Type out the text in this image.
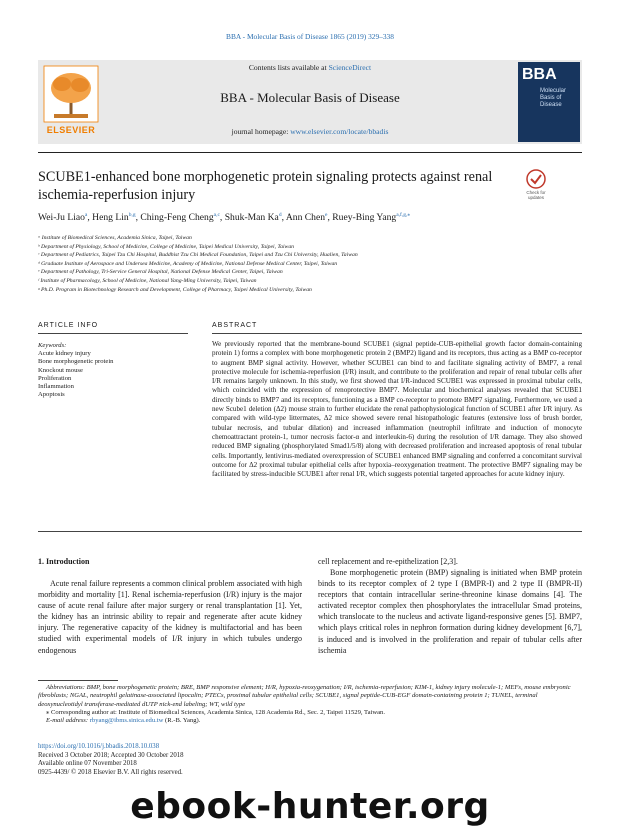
BBA - Molecular Basis of Disease 1865 (2019) 329–338
ELSEVIER
Contents lists available at ScienceDirect
BBA - Molecular Basis of Disease
journal homepage: www.elsevier.com/locate/bbadis
BBA
Molecular Basis of Disease
SCUBE1-enhanced bone morphogenetic protein signaling protects against renal ischemia-reperfusion injury	Check for updates
Wei-Ju Liao$^a$, Heng Lin$^{b,g}$, Ching-Feng Cheng$^{a,c}$, Shuk-Man Ka$^d$, Ann Chen$^e$, Ruey-Bing Yang$^{a,f,g,⁎}$
ᵃ Institute of Biomedical Sciences, Academia Sinica, Taipei, Taiwan
ᵇ Department of Physiology, School of Medicine, College of Medicine, Taipei Medical University, Taipei, Taiwan
ᶜ Department of Pediatrics, Taipei Tzu Chi Hospital, Buddhist Tzu Chi Medical Foundation, Taipei and Tzu Chi University, Hualien, Taiwan
ᵈ Graduate Institute of Aerospace and Undersea Medicine, Academy of Medicine, National Defense Medical Center, Taipei, Taiwan
ᵉ Department of Pathology, Tri-Service General Hospital, National Defense Medical Center, Taipei, Taiwan
ᶠ Institute of Pharmacology, School of Medicine, National Yang-Ming University, Taipei, Taiwan
ᵍ Ph.D. Program in Biotechnology Research and Development, College of Pharmacy, Taipei Medical University, Taiwan
ARTICLE INFO
Keywords:
Acute kidney injury
Bone morphogenetic protein
Knockout mouse
Proliferation
Inflammation
Apoptosis
ABSTRACT
We previously reported that the membrane-bound SCUBE1 (signal peptide-CUB-epithelial growth factor domain-containing protein 1) forms a complex with bone morphogenetic protein 2 (BMP2) ligand and its receptors, thus acting as a BMP co-receptor to augment BMP signal activity. However, whether SCUBE1 can bind to and facilitate signaling activity of BMP7, a renal protective molecule for ischemia-reperfusion (I/R) insult, and contribute to the proliferation and repair of renal tubular cells after I/R remains largely unknown. In this study, we first showed that I/R-induced SCUBE1 was expressed in proximal tubular cells, which coincided with the expression of renoprotective BMP7. Molecular and biochemical analyses revealed that SCUBE1 directly binds to BMP7 and its receptors, functioning as a BMP co-receptor to promote BMP7 signaling. Furthermore, we used a new Scube1 deletion (Δ2) mouse strain to further elucidate the renal pathophysiological function of SCUBE1 after I/R injury. As compared with wild-type littermates, Δ2 mice showed severe renal histopathologic features (extensive loss of brush border, tubular necrosis, and tubular dilation) and increased inflammation (neutrophil infiltrate and induction of monocyte chemoattractant protein-1, tumor necrosis factor-α and interleukin-6) during the resolution of I/R damage. They also showed reduced BMP signaling (phosphorylated Smad1/5/8) along with decreased proliferation and increased apoptosis of renal tubular cells. Importantly, lentivirus-mediated overexpression of SCUBE1 enhanced BMP signaling and conferred a concomitant survival outcome for Δ2 proximal tubular epithelial cells after hypoxia–reoxygenation treatment. The protective BMP7 signaling may be facilitated by stress-inducible SCUBE1 after renal I/R, which suggests potential targeted approaches for acute kidney injury.
1. Introduction
Acute renal failure represents a common clinical problem associated with high morbidity and mortality [1]. Renal ischemia-reperfusion (I/R) injury is the major cause of acute renal failure after major surgery or renal transplantation [1]. Yet, the kidney has an intrinsic ability to repair and regenerate after acute kidney injury. The regenerative capacity of the kidney is multifactorial and has been studied with experimental models of I/R injury in which tubules undergo endogenous
cell replacement and re-epithelization [2,3].
Bone morphogenetic protein (BMP) signaling is initiated when BMP protein binds to its receptor complex of 2 type I (BMPR-I) and 2 type II (BMPR-II) receptors that contain intracellular serine-threonine kinase domains [4]. The activated receptor complex then phosphorylates the intracellular Smad proteins, which translocate to the nucleus and activate ligand-responsive genes [5]. BMP7, which plays critical roles in nephron formation during kidney development [6,7], is induced and is involved in the proliferation and repair of tubular cells after ischemia
Abbreviations: BMP, bone morphogenetic protein; BRE, BMP responsive element; H/R, hypoxia-reoxygenation; I/R, ischemia-reperfusion; KIM-1, kidney injury molecule-1; MEFs, mouse embryonic fibroblasts; NGAL, neutrophil gelatinase-associated lipocalin; PTECs, proximal tubular epithelial cells; SCUBE1, signal peptide-CUB-EGF domain-containing protein 1; TUNEL, terminal deoxynucleotidyl transferase-mediated dUTP nick-end labeling; WT, wild type
⁎ Corresponding author at: Institute of Biomedical Sciences, Academia Sinica, 128 Academia Rd., Sec. 2, Taipei 11529, Taiwan.
E-mail address: rbyang@ibms.sinica.edu.tw (R.-B. Yang).
https://doi.org/10.1016/j.bbadis.2018.10.038
Received 3 October 2018; Accepted 30 October 2018
Available online 07 November 2018
0925-4439/ © 2018 Elsevier B.V. All rights reserved.
ebook-hunter.org
